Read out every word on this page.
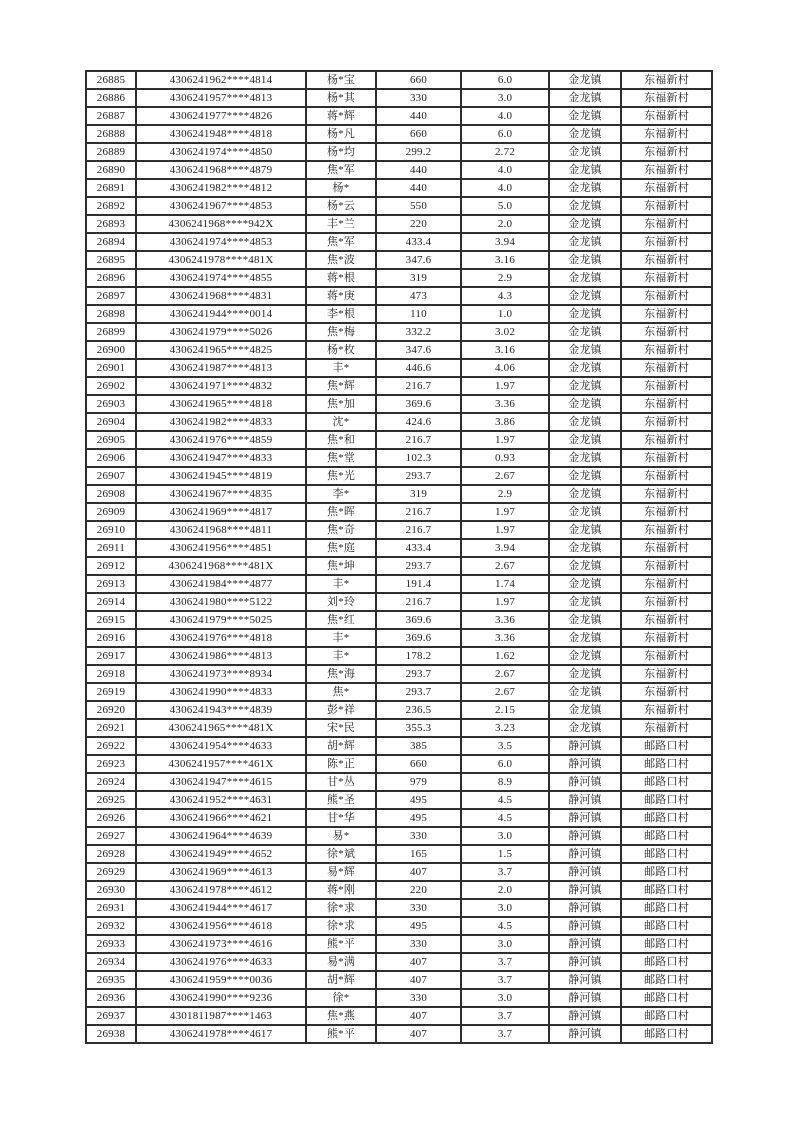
26885	4306241962****4814	杨*宝	660	6.0	金龙镇	东福新村
26886	4306241957****4813	杨*其	330	3.0	金龙镇	东福新村
26887	4306241977****4826	蒋*辉	440	4.0	金龙镇	东福新村
26888	4306241948****4818	杨*凡	660	6.0	金龙镇	东福新村
26889	4306241974****4850	杨*均	299.2	2.72	金龙镇	东福新村
26890	4306241968****4879	焦*军	440	4.0	金龙镇	东福新村
26891	4306241982****4812	杨*	440	4.0	金龙镇	东福新村
26892	4306241967****4853	杨*云	550	5.0	金龙镇	东福新村
26893	4306241968****942X	丰*兰	220	2.0	金龙镇	东福新村
26894	4306241974****4853	焦*军	433.4	3.94	金龙镇	东福新村
26895	4306241978****481X	焦*波	347.6	3.16	金龙镇	东福新村
26896	4306241974****4855	蒋*根	319	2.9	金龙镇	东福新村
26897	4306241968****4831	蒋*庚	473	4.3	金龙镇	东福新村
26898	4306241944****0014	李*根	110	1.0	金龙镇	东福新村
26899	4306241979****5026	焦*梅	332.2	3.02	金龙镇	东福新村
26900	4306241965****4825	杨*枚	347.6	3.16	金龙镇	东福新村
26901	4306241987****4813	丰*	446.6	4.06	金龙镇	东福新村
26902	4306241971****4832	焦*辉	216.7	1.97	金龙镇	东福新村
26903	4306241965****4818	焦*加	369.6	3.36	金龙镇	东福新村
26904	4306241982****4833	沈*	424.6	3.86	金龙镇	东福新村
26905	4306241976****4859	焦*和	216.7	1.97	金龙镇	东福新村
26906	4306241947****4833	焦*堂	102.3	0.93	金龙镇	东福新村
26907	4306241945****4819	焦*光	293.7	2.67	金龙镇	东福新村
26908	4306241967****4835	李*	319	2.9	金龙镇	东福新村
26909	4306241969****4817	焦*晖	216.7	1.97	金龙镇	东福新村
26910	4306241968****4811	焦*奇	216.7	1.97	金龙镇	东福新村
26911	4306241956****4851	焦*庭	433.4	3.94	金龙镇	东福新村
26912	4306241968****481X	焦*坤	293.7	2.67	金龙镇	东福新村
26913	4306241984****4877	丰*	191.4	1.74	金龙镇	东福新村
26914	4306241980****5122	刘*玲	216.7	1.97	金龙镇	东福新村
26915	4306241979****5025	焦*红	369.6	3.36	金龙镇	东福新村
26916	4306241976****4818	丰*	369.6	3.36	金龙镇	东福新村
26917	4306241986****4813	丰*	178.2	1.62	金龙镇	东福新村
26918	4306241973****8934	焦*海	293.7	2.67	金龙镇	东福新村
26919	4306241990****4833	焦*	293.7	2.67	金龙镇	东福新村
26920	4306241943****4839	彭*祥	236.5	2.15	金龙镇	东福新村
26921	4306241965****481X	宋*民	355.3	3.23	金龙镇	东福新村
26922	4306241954****4633	胡*辉	385	3.5	静河镇	邮路口村
26923	4306241957****461X	陈*正	660	6.0	静河镇	邮路口村
26924	4306241947****4615	甘*丛	979	8.9	静河镇	邮路口村
26925	4306241952****4631	熊*圣	495	4.5	静河镇	邮路口村
26926	4306241966****4621	甘*华	495	4.5	静河镇	邮路口村
26927	4306241964****4639	易*	330	3.0	静河镇	邮路口村
26928	4306241949****4652	徐*斌	165	1.5	静河镇	邮路口村
26929	4306241969****4613	易*辉	407	3.7	静河镇	邮路口村
26930	4306241978****4612	蒋*刚	220	2.0	静河镇	邮路口村
26931	4306241944****4617	徐*求	330	3.0	静河镇	邮路口村
26932	4306241956****4618	徐*求	495	4.5	静河镇	邮路口村
26933	4306241973****4616	熊*平	330	3.0	静河镇	邮路口村
26934	4306241976****4633	易*满	407	3.7	静河镇	邮路口村
26935	4306241959****0036	胡*辉	407	3.7	静河镇	邮路口村
26936	4306241990****9236	徐*	330	3.0	静河镇	邮路口村
26937	4301811987****1463	焦*燕	407	3.7	静河镇	邮路口村
26938	4306241978****4617	熊*平	407	3.7	静河镇	邮路口村
